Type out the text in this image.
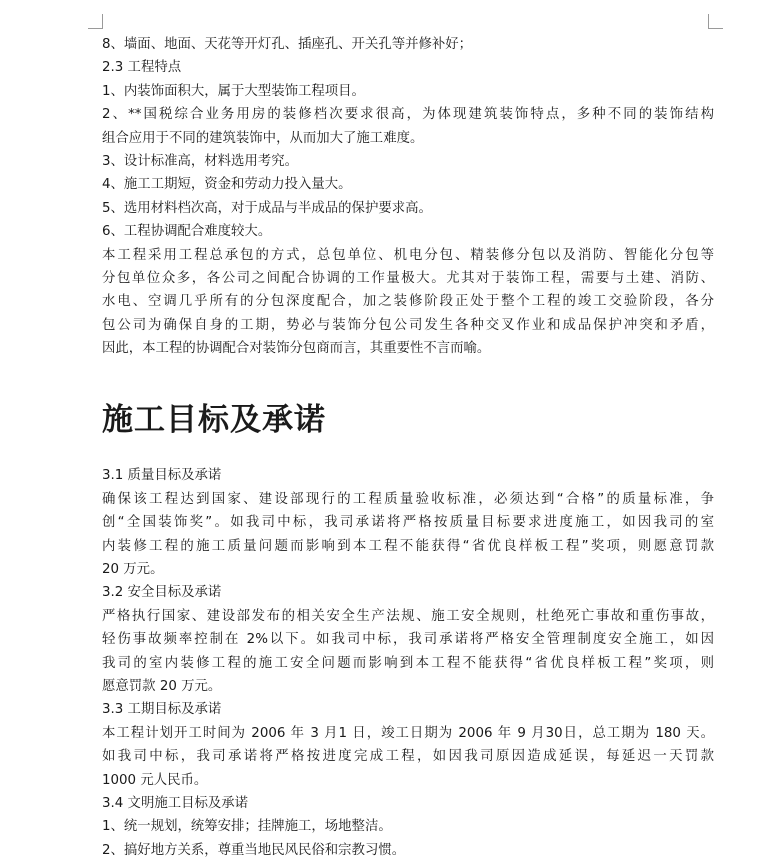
8、墙面、地面、天花等开灯孔、插座孔、开关孔等并修补好；
2.3 工程特点
1、内装饰面积大，属于大型装饰工程项目。
2、**国税综合业务用房的装修档次要求很高，为体现建筑装饰特点，多种不同的装饰结构
组合应用于不同的建筑装饰中，从而加大了施工难度。
3、设计标准高，材料选用考究。
4、施工工期短，资金和劳动力投入量大。
5、选用材料档次高，对于成品与半成品的保护要求高。
6、工程协调配合难度较大。
本工程采用工程总承包的方式，总包单位、机电分包、精装修分包以及消防、智能化分包等
分包单位众多，各公司之间配合协调的工作量极大。尤其对于装饰工程，需要与土建、消防、
水电、空调几乎所有的分包深度配合，加之装修阶段正处于整个工程的竣工交验阶段，各分
包公司为确保自身的工期，势必与装饰分包公司发生各种交叉作业和成品保护冲突和矛盾，
因此，本工程的协调配合对装饰分包商而言，其重要性不言而喻。
施工目标及承诺
3.1 质量目标及承诺
确保该工程达到国家、建设部现行的工程质量验收标准，必须达到“合格”的质量标准，争
创“全国装饰奖”。如我司中标，我司承诺将严格按质量目标要求进度施工，如因我司的室
内装修工程的施工质量问题而影响到本工程不能获得“省优良样板工程”奖项，则愿意罚款
20 万元。
3.2 安全目标及承诺
严格执行国家、建设部发布的相关安全生产法规、施工安全规则，杜绝死亡事故和重伤事故，
轻伤事故频率控制在 2%以下。如我司中标，我司承诺将严格安全管理制度安全施工，如因
我司的室内装修工程的施工安全问题而影响到本工程不能获得“省优良样板工程”奖项，则
愿意罚款 20 万元。
3.3 工期目标及承诺
本工程计划开工时间为 2006 年 3 月1 日，竣工日期为 2006 年 9 月30日，总工期为 180 天。
如我司中标，我司承诺将严格按进度完成工程，如因我司原因造成延误，每延迟一天罚款
1000 元人民币。
3.4 文明施工目标及承诺
1、统一规划，统筹安排；挂牌施工，场地整洁。
2、搞好地方关系，尊重当地民风民俗和宗教习惯。
